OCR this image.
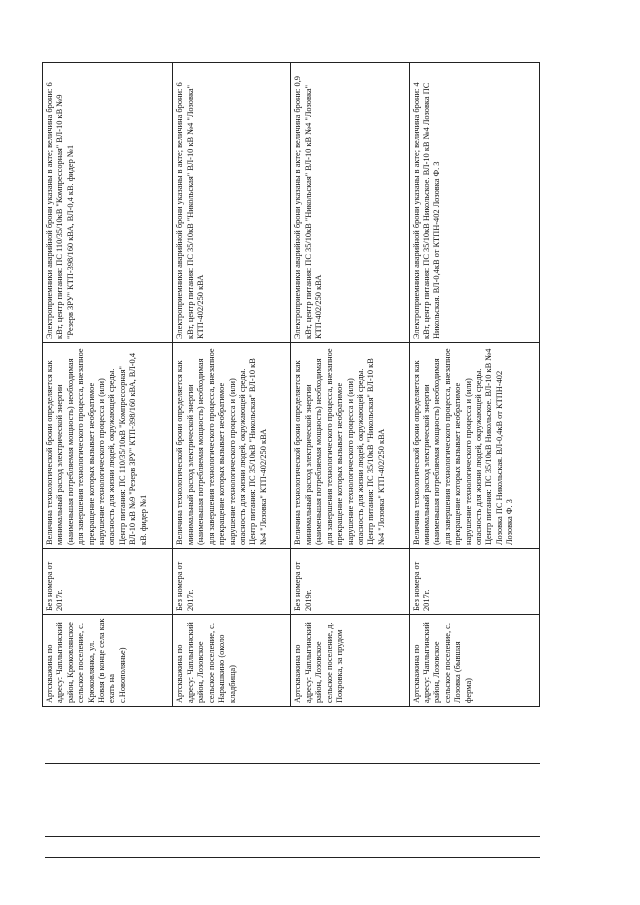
Артскважина по адресу: Чаплыгинский район, Крюковлянское сельское поселение, с. Крюковлянка, ул. Новая (в конце села как ехать на с.Новополянье)	Без номера от 2017г.	Величина технологической брони определяется как минимальный расход электрической энергии (наименьшая потребляемая мощность) необходимая для завершения технологического процесса, внезапное прекращение которых вызывает необратимое нарушение технологического процесса и (или) опасность для жизни людей, окружающей среды. Центр питания: ПС 110/35/10кВ "Компрессорная" ВЛ-10 кВ №9 "Резерв ЗРУ" КТП-398/160 кВА, ВЛ-0,4 кВ. фидер №1	Электроприемники аварийной брони указаны в акте; величина брони: 6 кВт, центр питания: ПС 110/35/10кВ "Компрессорная" ВЛ-10 кВ №9 "Резерв ЗРУ" КТП-398/160 кВА, ВЛ-0,4 кВ. фидер №1
Артскважина по адресу: Чаплыгинский район, Лозовское сельское поселение, с. Нарышкино (около кладбища)	Без номера от 2017г.	Величина технологической брони определяется как минимальный расход электрической энергии (наименьшая потребляемая мощность) необходимая для завершения технологического процесса, внезапное прекращение которых вызывает необратимое нарушение технологического процесса и (или) опасность для жизни людей, окружающей среды. Центр питания: ПС 35/10кВ "Никольская" ВЛ-10 кВ №4 "Лозовка" КТП-402/250 кВА	Электроприемники аварийной брони указаны в акте; величина брони: 6 кВт, центр питания: ПС 35/10кВ "Никольская" ВЛ-10 кВ №4 "Лозовка" КТП-402/250 кВА
Артскважина по адресу: Чаплыгинский район, Лозовское сельское поселение, д. Покровка, за прудом	Без номера от 2019г.	Величина технологической брони определяется как минимальный расход электрической энергии (наименьшая потребляемая мощность) необходимая для завершения технологического процесса, внезапное прекращение которых вызывает необратимое нарушение технологического процесса и (или) опасность для жизни людей, окружающей среды. Центр питания: ПС 35/10кВ "Никольская" ВЛ-10 кВ №4 "Лозовка" КТП-402/250 кВА	Электроприемники аварийной брони указаны в акте; величина брони: 0,9 кВт, центр питания: ПС 35/10кВ "Никольская" ВЛ-10 кВ №4 "Лозовка" КТП-402/250 кВА
Артскважина по адресу: Чаплыгинский район, Лозовское сельское поселение, с. Лозовка (бывшая ферма)	Без номера от 2017г.	Величина технологической брони определяется как минимальный расход электрической энергии (наименьшая потребляемая мощность) необходимая для завершения технологического процесса, внезапное прекращение которых вызывает необратимое нарушение технологического процесса и (или) опасность для жизни людей, окружающей среды. Центр питания: ПС 35/10кВ Никольское. ВЛ-10 кВ №4 Лозовка ПС Никольская. ВЛ-0,4кВ от КТПН-402 Лозовка Ф. 3	Электроприемники аварийной брони указаны в акте; величина брони: 4 кВт, центр питания: ПС 35/10кВ Никольское. ВЛ-10 кВ №4 Лозовка ПС Никольская. ВЛ-0,4кВ от КТПН-402 Лозовка Ф. 3
